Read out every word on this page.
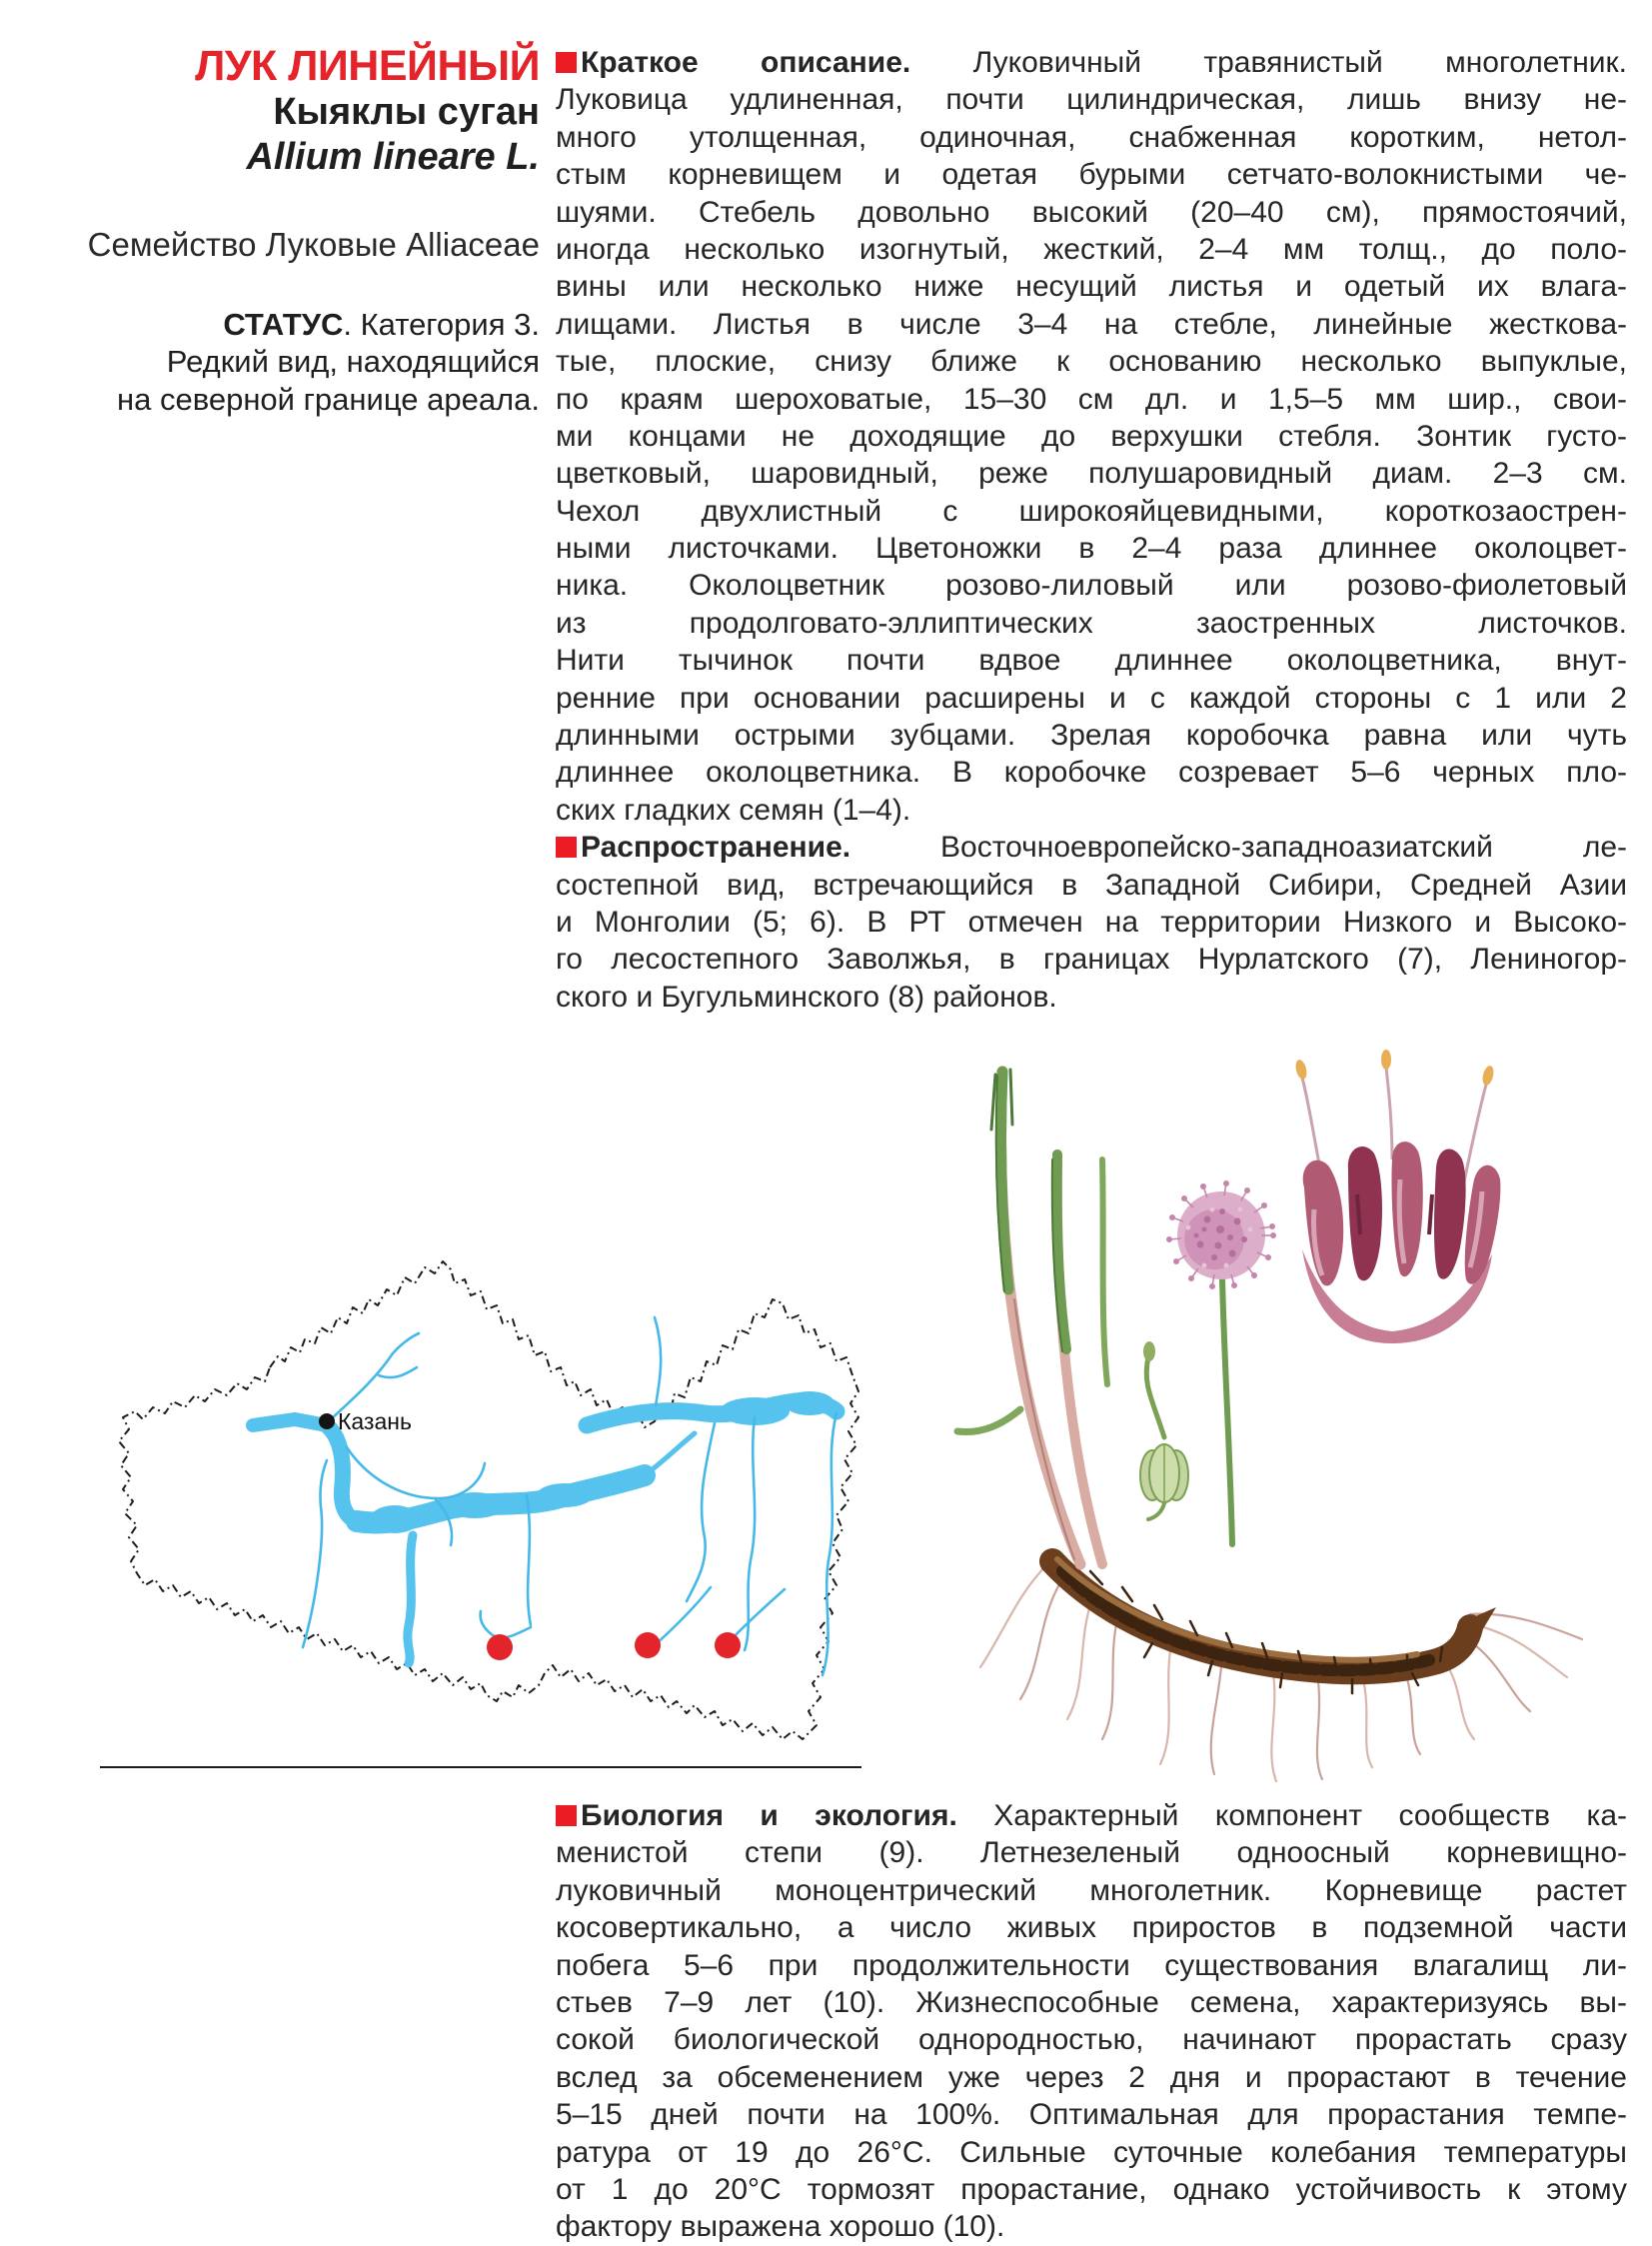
ЛУК ЛИНЕЙНЫЙ
Кыяклы суган
Allium lineare L.
Семейство Луковые Alliaceae
СТАТУС. Категория 3.
Редкий вид, находящийся
на северной границе ареала.
Краткое описание. Луковичный травянистый многолетник.
Луковица удлиненная, почти цилиндрическая, лишь внизу не-
много утолщенная, одиночная, снабженная коротким, нетол-
стым корневищем и одетая бурыми сетчато-волокнистыми че-
шуями. Стебель довольно высокий (20–40 см), прямостоячий,
иногда несколько изогнутый, жесткий, 2–4 мм толщ., до поло-
вины или несколько ниже несущий листья и одетый их влага-
лищами. Листья в числе 3–4 на стебле, линейные жесткова-
тые, плоские, снизу ближе к основанию несколько выпуклые,
по краям шероховатые, 15–30 см дл. и 1,5–5 мм шир., свои-
ми концами не доходящие до верхушки стебля. Зонтик густо-
цветковый, шаровидный, реже полушаровидный диам. 2–3 см.
Чехол двухлистный с широкояйцевидными, короткозаострен-
ными листочками. Цветоножки в 2–4 раза длиннее околоцвет-
ника. Околоцветник розово-лиловый или розово-фиолетовый
из продолговато-эллиптических заостренных листочков.
Нити тычинок почти вдвое длиннее околоцветника, внут-
ренние при основании расширены и с каждой стороны с 1 или 2
длинными острыми зубцами. Зрелая коробочка равна или чуть
длиннее околоцветника. В коробочке созревает 5–6 черных пло-
ских гладких семян (1–4).
Распространение.	Восточноевропейско-западноазиатский ле-
состепной вид, встречающийся в Западной Сибири, Средней Азии
и Монголии (5; 6). В РТ отмечен на территории Низкого и Высоко-
го лесостепного Заволжья, в границах Нурлатского (7), Лениногор-
ского и Бугульминского (8) районов.
Биология и экология. Характерный компонент сообществ ка-
менистой степи (9). Летнезеленый одноосный корневищно-
луковичный моноцентрический многолетник. Корневище растет
косовертикально, а число живых приростов в подземной части
побега 5–6 при продолжительности существования влагалищ ли-
стьев 7–9 лет (10). Жизнеспособные семена, характеризуясь вы-
сокой биологической однородностью, начинают прорастать сразу
вслед за обсеменением уже через 2 дня и прорастают в течение
5–15 дней почти на 100%. Оптимальная для прорастания темпе-
ратура от 19 до 26°С. Сильные суточные колебания температуры
от 1 до 20°С тормозят прорастание, однако устойчивость к этому
фактору выражена хорошо (10).
Казань
